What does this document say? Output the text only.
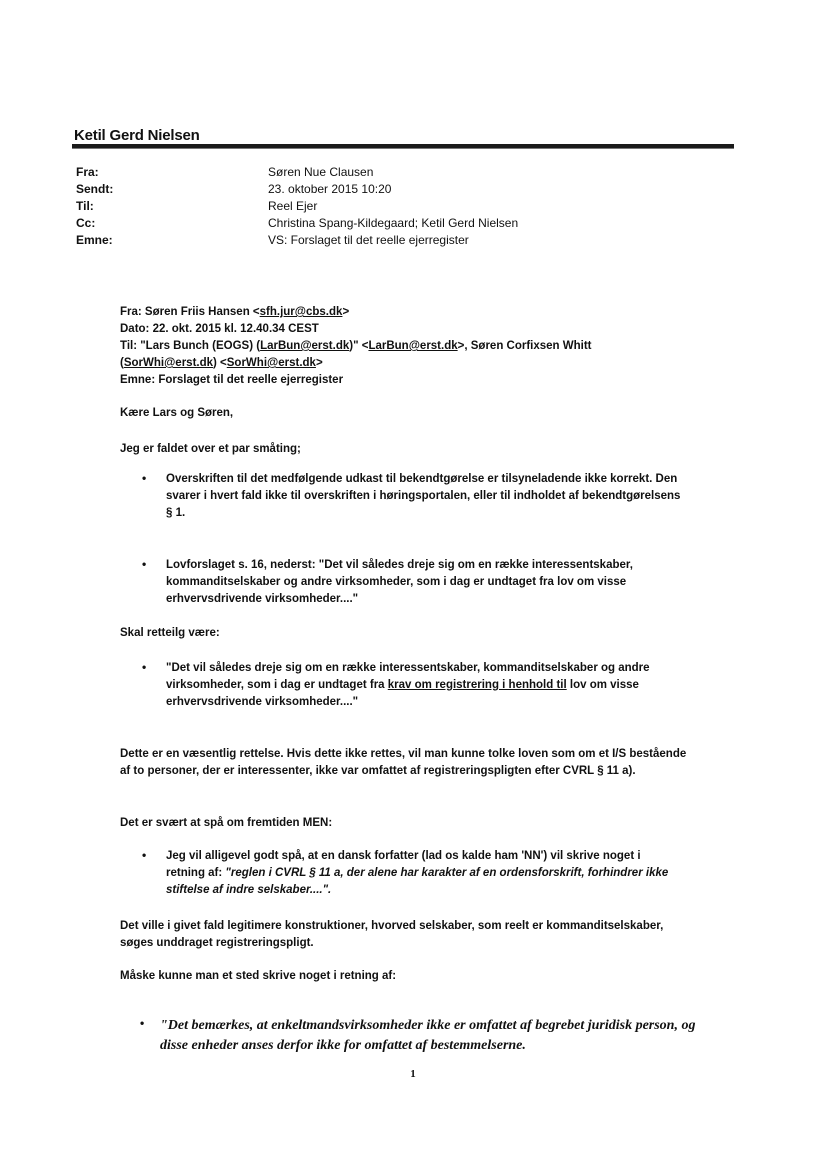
Ketil Gerd Nielsen
Fra:	Søren Nue Clausen
Sendt:	23. oktober 2015 10:20
Til:	Reel Ejer
Cc:	Christina Spang-Kildegaard; Ketil Gerd Nielsen
Emne:	VS: Forslaget til det reelle ejerregister
Fra: Søren Friis Hansen <sfh.jur@cbs.dk>
Dato: 22. okt. 2015 kl. 12.40.34 CEST
Til: "Lars Bunch (EOGS) (LarBun@erst.dk)" <LarBun@erst.dk>, Søren Corfixsen Whitt
(SorWhi@erst.dk) <SorWhi@erst.dk>
Emne: Forslaget til det reelle ejerregister
Kære Lars og Søren,
Jeg er faldet over et par småting;
• Overskriften til det medfølgende udkast til bekendtgørelse er tilsyneladende ikke korrekt. Den svarer i hvert fald ikke til overskriften i høringsportalen, eller til indholdet af bekendtgørelsens § 1.
• Lovforslaget s. 16, nederst: "Det vil således dreje sig om en række interessentskaber, kommanditselskaber og andre virksomheder, som i dag er undtaget fra lov om visse erhvervsdrivende virksomheder...."
Skal retteilg være:
• "Det vil således dreje sig om en række interessentskaber, kommanditselskaber og andre virksomheder, som i dag er undtaget fra krav om registrering i henhold til lov om visse erhvervsdrivende virksomheder...."
Dette er en væsentlig rettelse. Hvis dette ikke rettes, vil man kunne tolke loven som om et I/S bestående af to personer, der er interessenter, ikke var omfattet af registreringspligten efter CVRL § 11 a).
Det er svært at spå om fremtiden MEN:
• Jeg vil alligevel godt spå, at en dansk forfatter (lad os kalde ham 'NN') vil skrive noget i retning af: "reglen i CVRL § 11 a, der alene har karakter af en ordensforskrift, forhindrer ikke stiftelse af indre selskaber....".
Det ville i givet fald legitimere konstruktioner, hvorved selskaber, som reelt er kommanditselskaber, søges unddraget registreringspligt.
Måske kunne man et sted skrive noget i retning af:
• "Det bemærkes, at enkeltmandsvirksomheder ikke er omfattet af begrebet juridisk person, og disse enheder anses derfor ikke for omfattet af bestemmelserne.
1
